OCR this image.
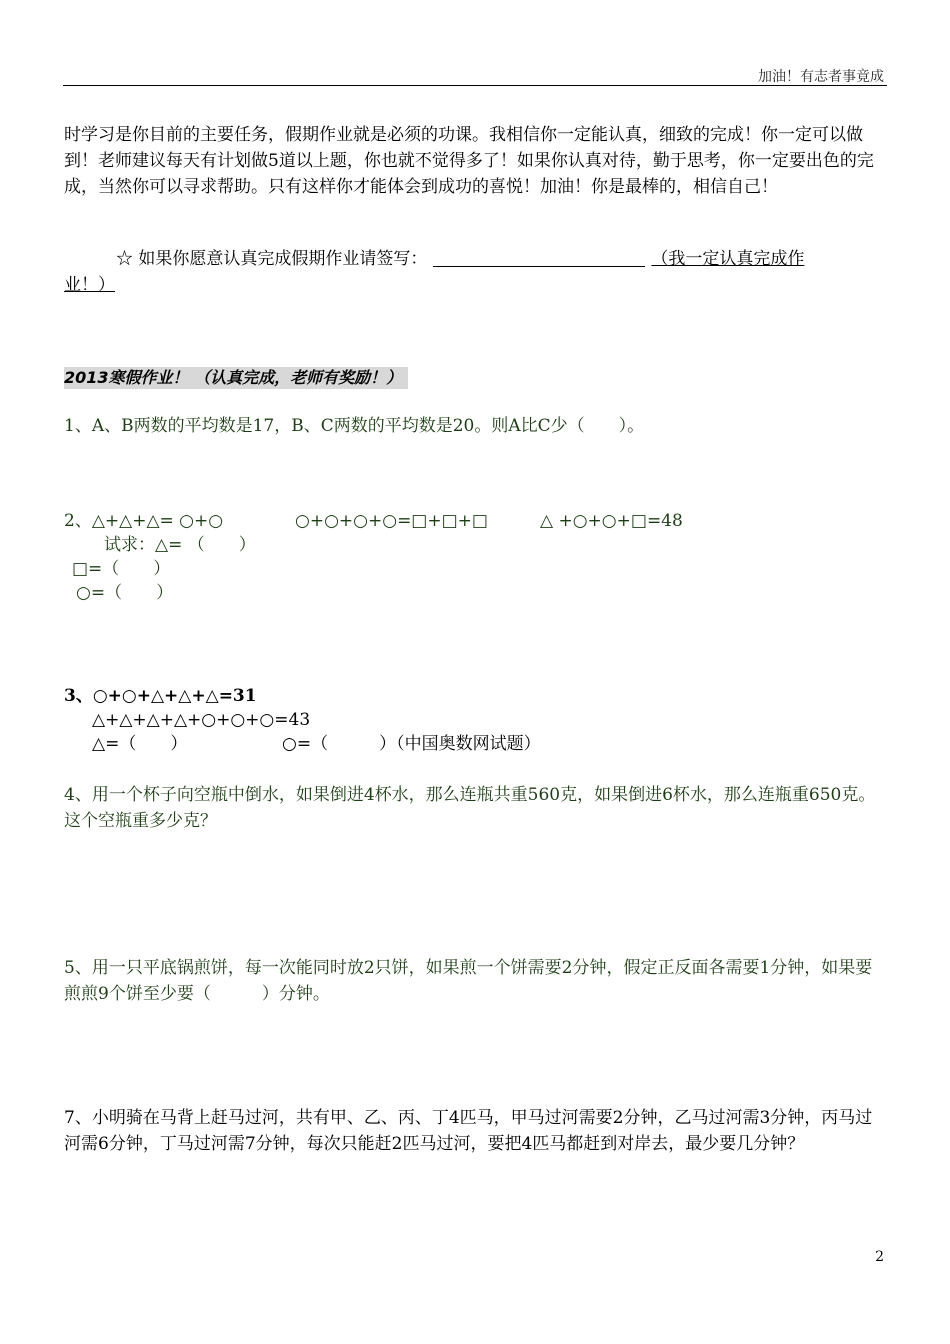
加油！有志者事竟成
时学习是你目前的主要任务，假期作业就是必须的功课。我相信你一定能认真，细致的完成！你一定可以做到！老师建议每天有计划做5道以上题，你也就不觉得多了！如果你认真对待，勤于思考，你一定要出色的完成，当然你可以寻求帮助。只有这样你才能体会到成功的喜悦！加油！你是最棒的，相信自己！
☆ 如果你愿意认真完成假期作业请签写：	（我一定认真完成作
业！）
2013寒假作业！ （认真完成，老师有奖励！）
1、A、B两数的平均数是17，B、C两数的平均数是20。则A比C少（　　）。
2、△+△+△= ○+○	○+○+○+○=□+□+□	△ +○+○+□=48
试求：△= （　　）
□=（　　）
○=（　　）
3、○+○+△+△+△=31
△+△+△+△+○+○+○=43
△=（　　）	○=（　　　）（中国奥数网试题）
4、用一个杯子向空瓶中倒水，如果倒进4杯水，那么连瓶共重560克，如果倒进6杯水，那么连瓶重650克。这个空瓶重多少克？
5、用一只平底锅煎饼，每一次能同时放2只饼，如果煎一个饼需要2分钟，假定正反面各需要1分钟，如果要煎煎9个饼至少要（　　　）分钟。
7、小明骑在马背上赶马过河，共有甲、乙、丙、丁4匹马，甲马过河需要2分钟，乙马过河需3分钟，丙马过河需6分钟，丁马过河需7分钟，每次只能赶2匹马过河，要把4匹马都赶到对岸去，最少要几分钟？
2
